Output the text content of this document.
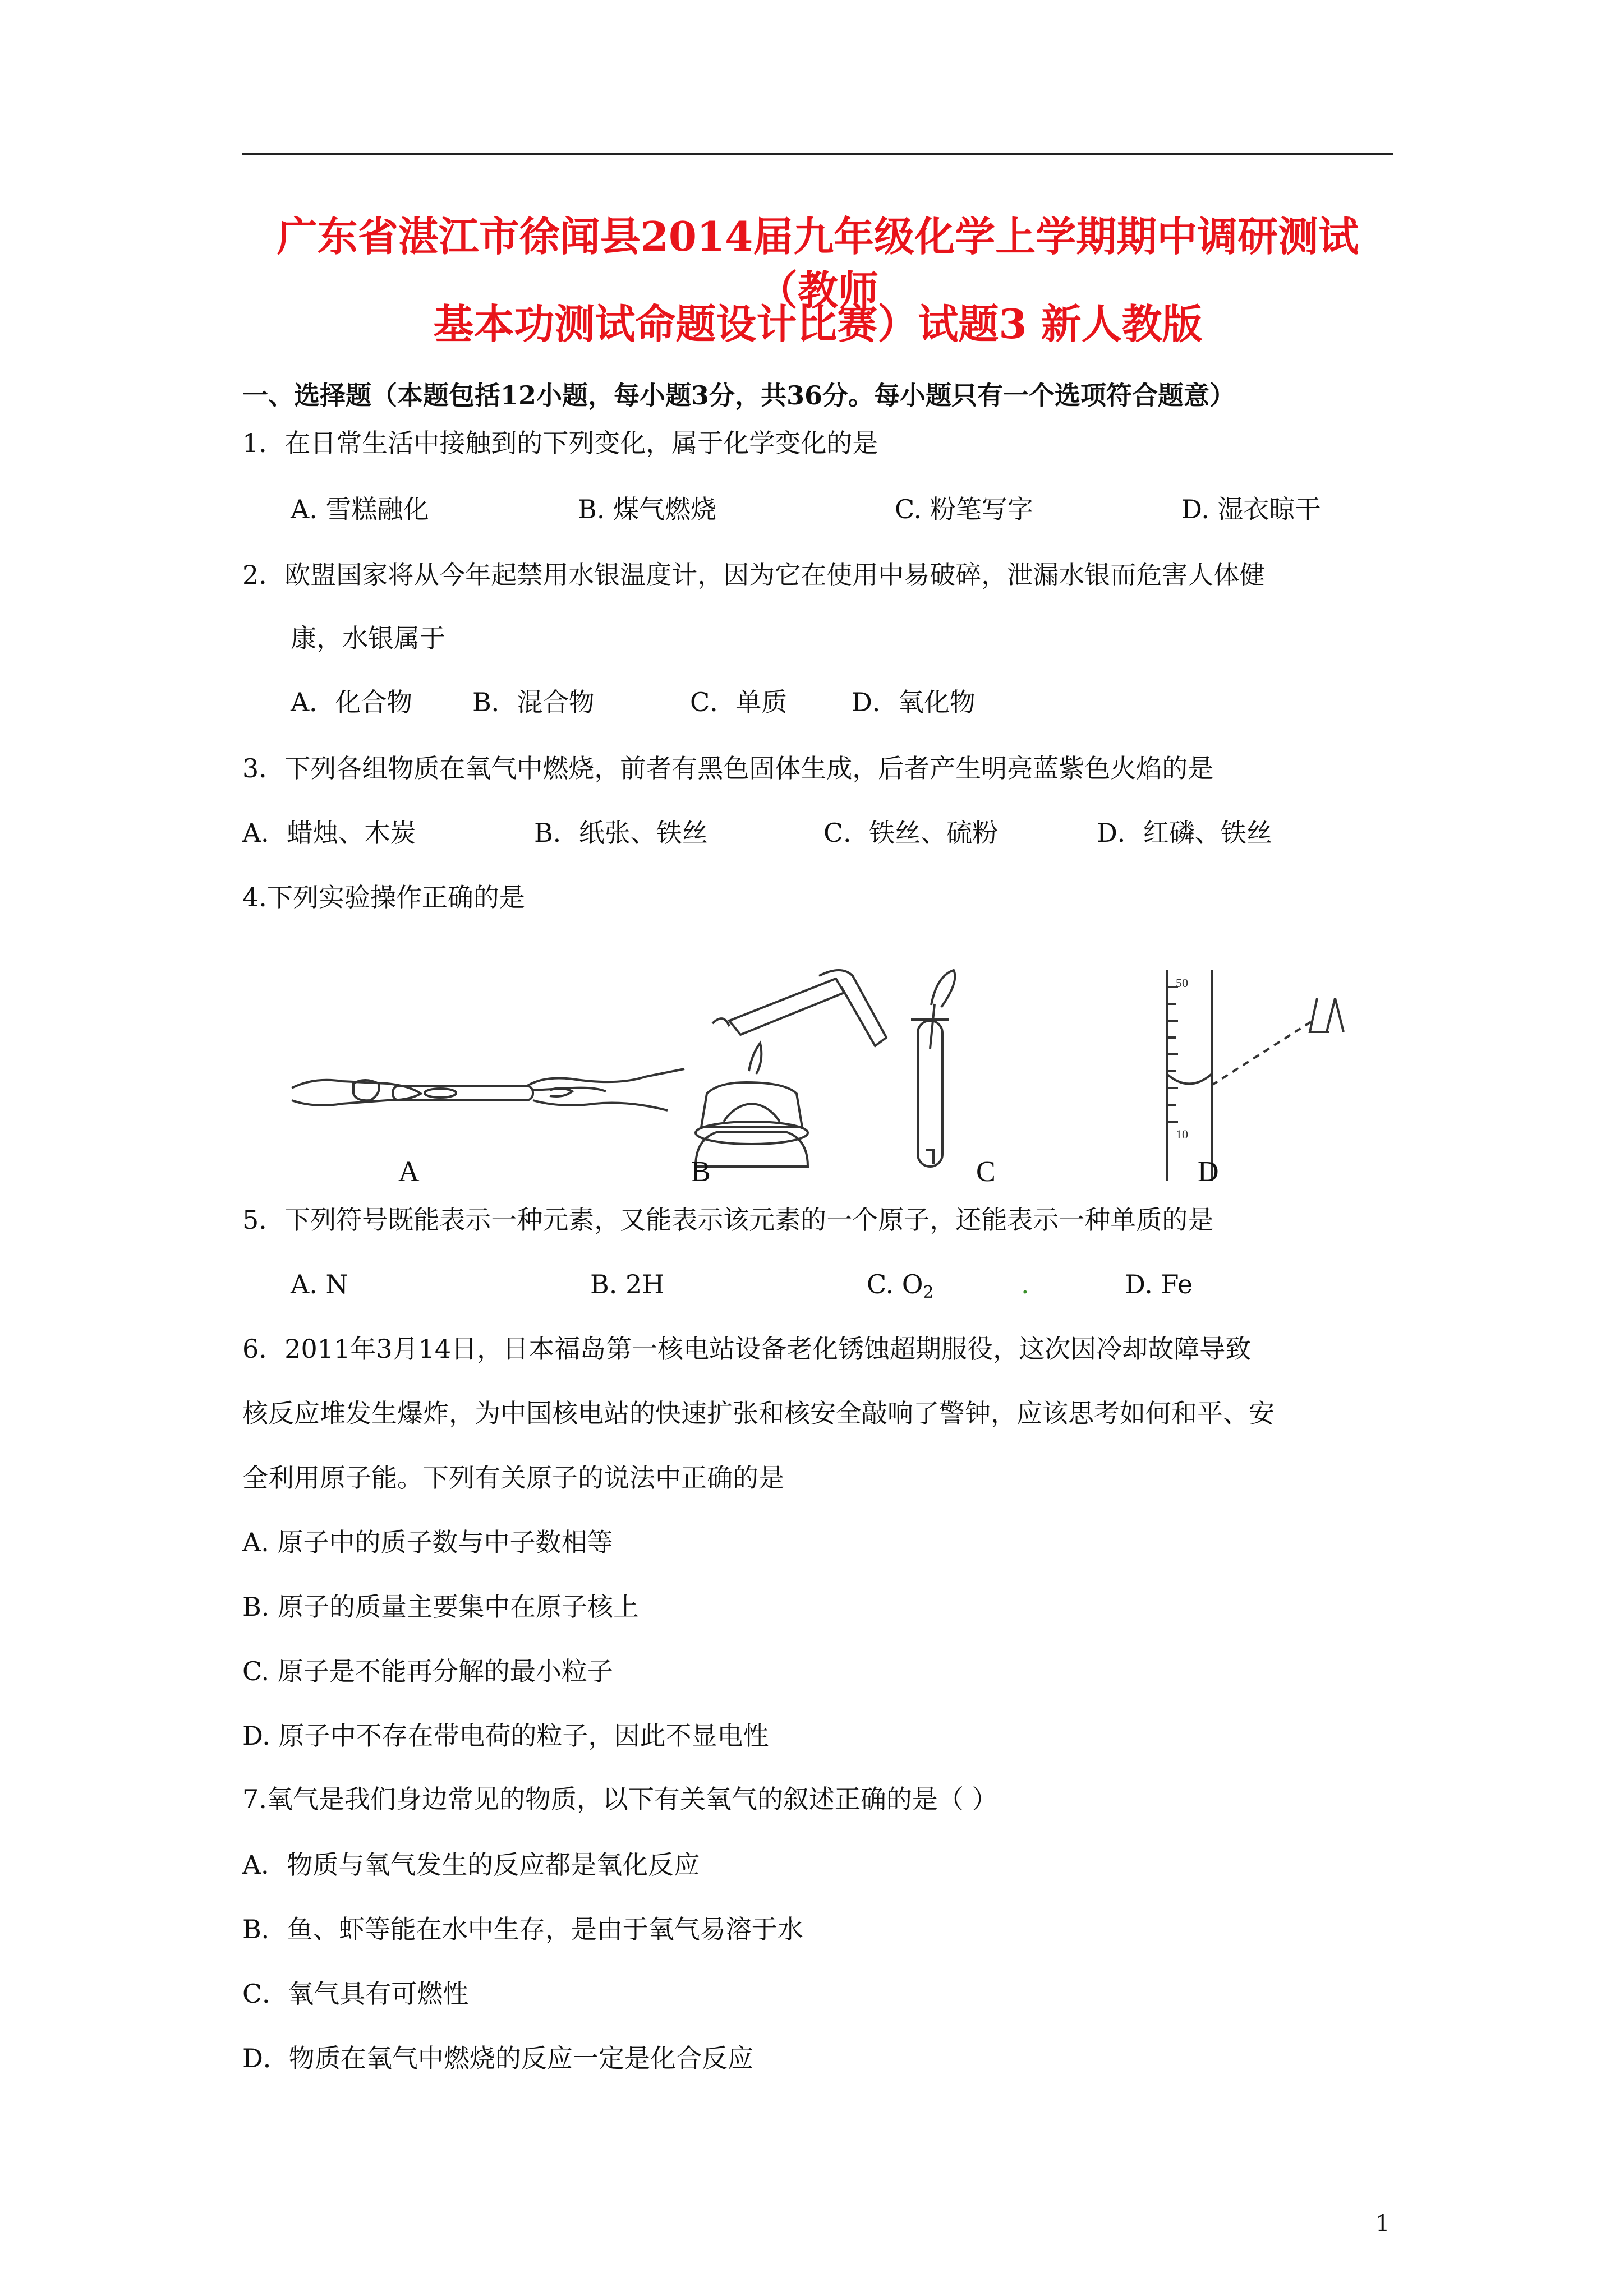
广东省湛江市徐闻县2014届九年级化学上学期期中调研测试（教师
基本功测试命题设计比赛）试题3 新人教版
一、选择题（本题包括12小题，每小题3分，共36分。每小题只有一个选项符合题意）
1．在日常生活中接触到的下列变化，属于化学变化的是
A. 雪糕融化	B. 煤气燃烧	C. 粉笔写字	D. 湿衣晾干
2．欧盟国家将从今年起禁用水银温度计，因为它在使用中易破碎，泄漏水银而危害人体健
康，水银属于
A．化合物 B．混合物	C．单质 D．氧化物
3．下列各组物质在氧气中燃烧，前者有黑色固体生成，后者产生明亮蓝紫色火焰的是
A．蜡烛、木炭	B．纸张、铁丝	C．铁丝、硫粉	D．红磷、铁丝
4.下列实验操作正确的是
50
10
A	B	C	D
5．下列符号既能表示一种元素，又能表示该元素的一个原子，还能表示一种单质的是
A. N	B. 2H	C. $O_2$	.	D. Fe
6．2011年3月14日，日本福岛第一核电站设备老化锈蚀超期服役，这次因冷却故障导致
核反应堆发生爆炸，为中国核电站的快速扩张和核安全敲响了警钟，应该思考如何和平、安
全利用原子能。下列有关原子的说法中正确的是
A. 原子中的质子数与中子数相等
B. 原子的质量主要集中在原子核上
C. 原子是不能再分解的最小粒子
D. 原子中不存在带电荷的粒子，因此不显电性
7.氧气是我们身边常见的物质，以下有关氧气的叙述正确的是（ ）
A．物质与氧气发生的反应都是氧化反应
B．鱼、虾等能在水中生存，是由于氧气易溶于水
C．氧气具有可燃性
D．物质在氧气中燃烧的反应一定是化合反应
1
